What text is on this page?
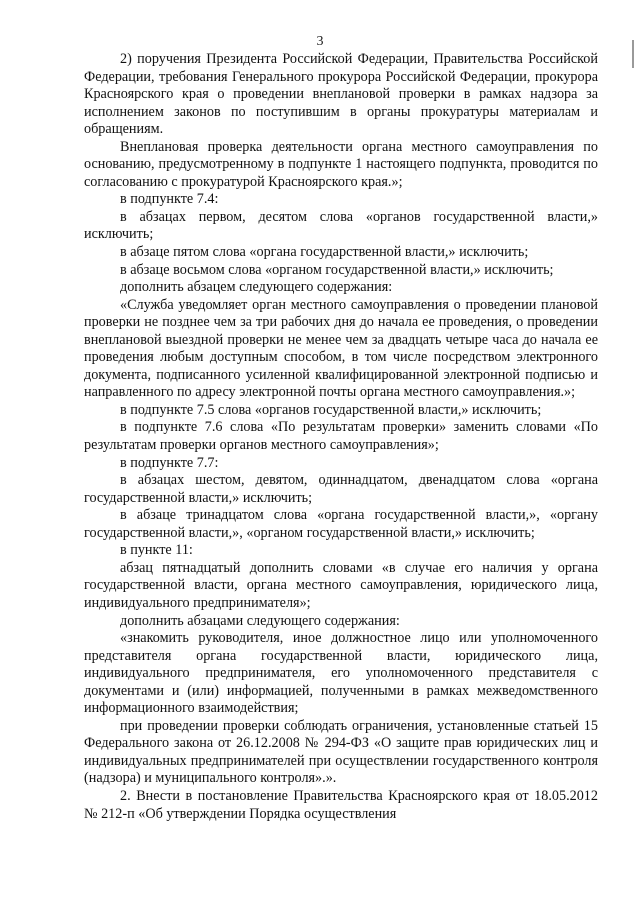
3

2) поручения Президента Российской Федерации, Правительства Российской Федерации, требования Генерального прокурора Российской Федерации, прокурора Красноярского края о проведении внеплановой проверки в рамках надзора за исполнением законов по поступившим в органы прокуратуры материалам и обращениям.

Внеплановая проверка деятельности органа местного самоуправления по основанию, предусмотренному в подпункте 1 настоящего подпункта, проводится по согласованию с прокуратурой Красноярского края.»;

в подпункте 7.4:

в абзацах первом, десятом слова «органов государственной власти,» исключить;

в абзаце пятом слова «органа государственной власти,» исключить;

в абзаце восьмом слова «органом государственной власти,» исключить;

дополнить абзацем следующего содержания:

«Служба уведомляет орган местного самоуправления о проведении плановой проверки не позднее чем за три рабочих дня до начала ее проведения, о проведении внеплановой выездной проверки не менее чем за двадцать четыре часа до начала ее проведения любым доступным способом, в том числе посредством электронного документа, подписанного усиленной квалифицированной электронной подписью и направленного по адресу электронной почты органа местного самоуправления.»;

в подпункте 7.5 слова «органов государственной власти,» исключить;

в подпункте 7.6 слова «По результатам проверки» заменить словами «По результатам проверки органов местного самоуправления»;

в подпункте 7.7:

в абзацах шестом, девятом, одиннадцатом, двенадцатом слова «органа государственной власти,» исключить;

в абзаце тринадцатом слова «органа государственной власти,», «органу государственной власти,», «органом государственной власти,» исключить;

в пункте 11:

абзац пятнадцатый дополнить словами «в случае его наличия у органа государственной власти, органа местного самоуправления, юридического лица, индивидуального предпринимателя»;

дополнить абзацами следующего содержания:

«знакомить руководителя, иное должностное лицо или уполномоченного представителя органа государственной власти, юридического лица, индивидуального предпринимателя, его уполномоченного представителя с документами и (или) информацией, полученными в рамках межведомственного информационного взаимодействия;

при проведении проверки соблюдать ограничения, установленные статьей 15 Федерального закона от 26.12.2008 № 294-ФЗ «О защите прав юридических лиц и индивидуальных предпринимателей при осуществлении государственного контроля (надзора) и муниципального контроля».».

2. Внести в постановление Правительства Красноярского края от 18.05.2012 № 212-п «Об утверждении Порядка осуществления
